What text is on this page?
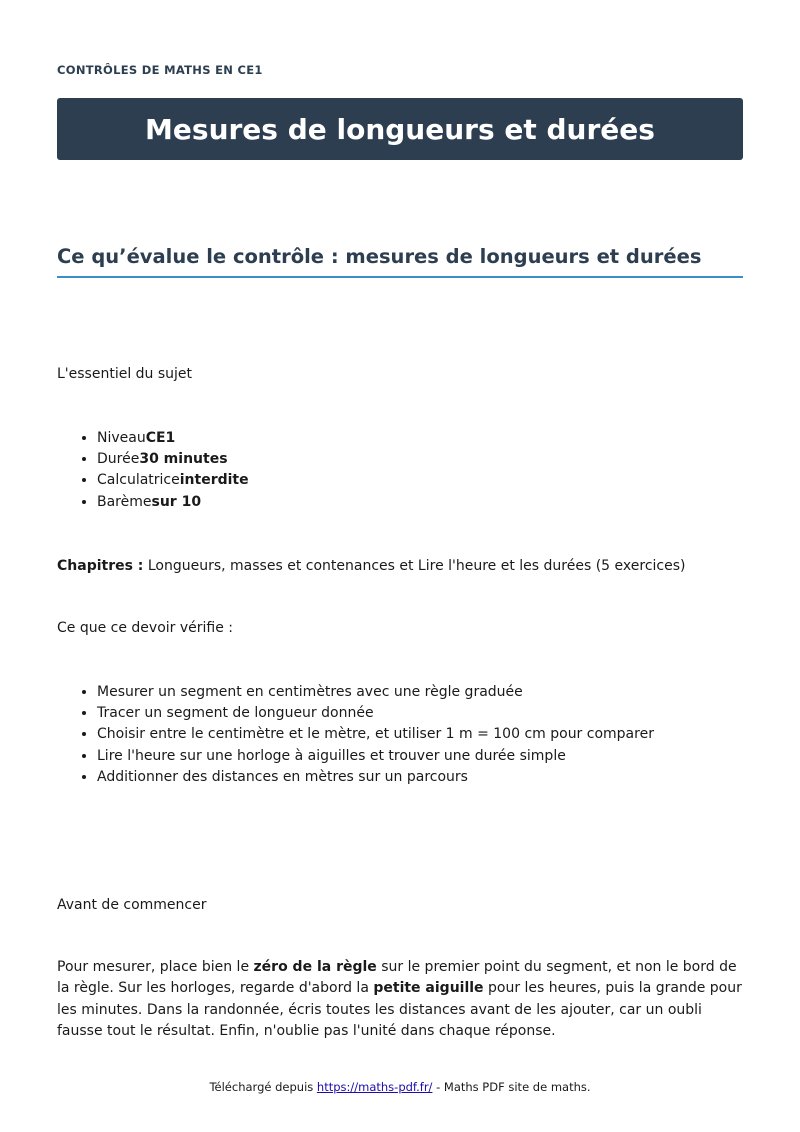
CONTRÔLES DE MATHS EN CE1
Mesures de longueurs et durées
Ce qu’évalue le contrôle : mesures de longueurs et durées

L'essentiel du sujet

• NiveauCE1
• Durée30 minutes
• Calculatriceinterdite
• Barèmesur 10

Chapitres : Longueurs, masses et contenances et Lire l'heure et les durées (5 exercices)

Ce que ce devoir vérifie :

• Mesurer un segment en centimètres avec une règle graduée
• Tracer un segment de longueur donnée
• Choisir entre le centimètre et le mètre, et utiliser 1 m = 100 cm pour comparer
• Lire l'heure sur une horloge à aiguilles et trouver une durée simple
• Additionner des distances en mètres sur un parcours

Avant de commencer

Pour mesurer, place bien le zéro de la règle sur le premier point du segment, et non le bord de la règle. Sur les horloges, regarde d'abord la petite aiguille pour les heures, puis la grande pour les minutes. Dans la randonnée, écris toutes les distances avant de les ajouter, car un oubli fausse tout le résultat. Enfin, n'oublie pas l'unité dans chaque réponse.

Téléchargé depuis https://maths-pdf.fr/ - Maths PDF site de maths.
